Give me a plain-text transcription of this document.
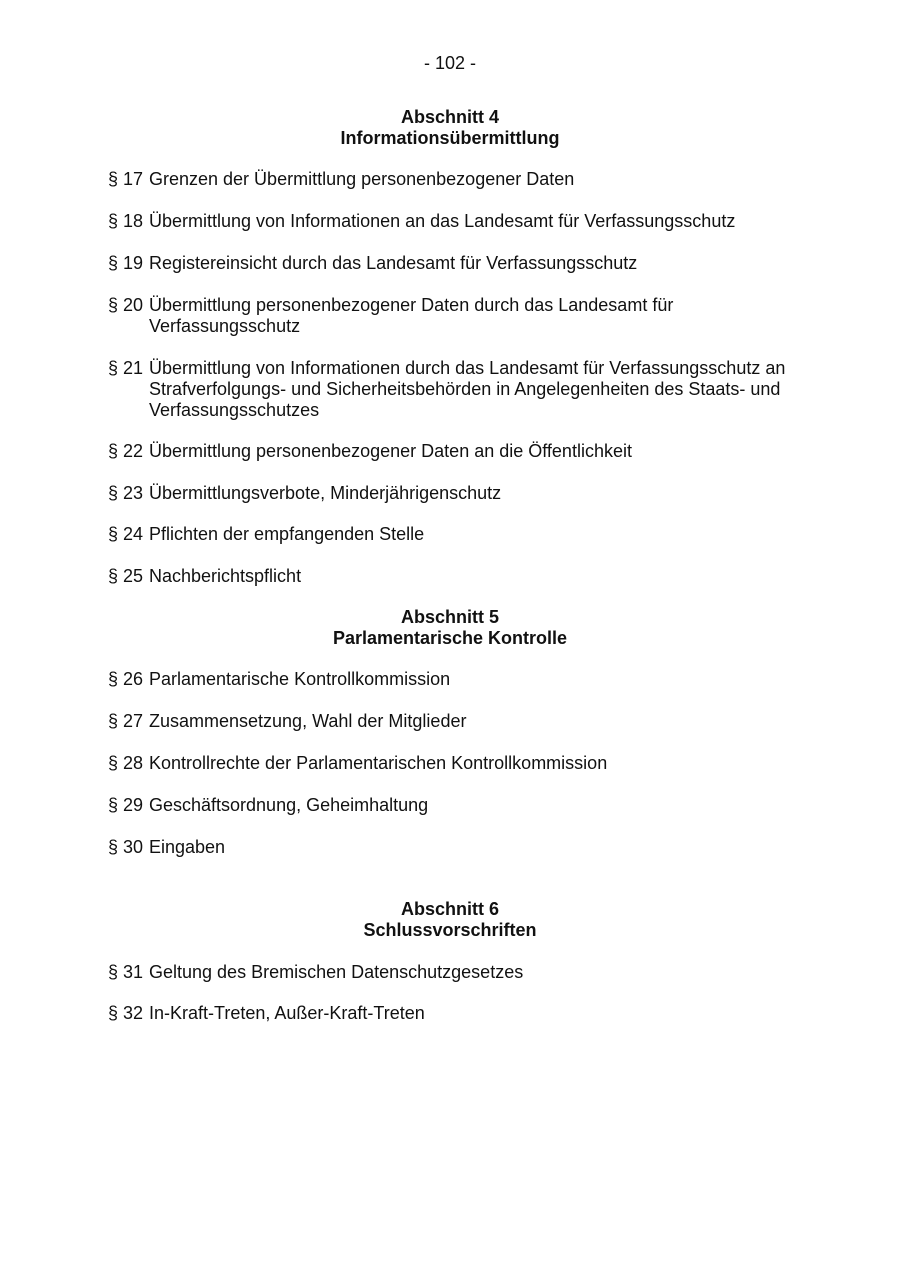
- 102 -
Abschnitt 4
Informationsübermittlung
§ 17 Grenzen der Übermittlung personenbezogener Daten
§ 18 Übermittlung von Informationen an das Landesamt für Verfassungsschutz
§ 19 Registereinsicht durch das Landesamt für Verfassungsschutz
§ 20 Übermittlung personenbezogener Daten durch das Landesamt für Verfassungsschutz
§ 21 Übermittlung von Informationen durch das Landesamt für Verfassungsschutz an Strafverfolgungs- und Sicherheitsbehörden in Angelegenheiten des Staats- und Verfassungsschutzes
§ 22 Übermittlung personenbezogener Daten an die Öffentlichkeit
§ 23 Übermittlungsverbote, Minderjährigenschutz
§ 24 Pflichten der empfangenden Stelle
§ 25 Nachberichtspflicht
Abschnitt 5
Parlamentarische Kontrolle
§ 26 Parlamentarische Kontrollkommission
§ 27 Zusammensetzung, Wahl der Mitglieder
§ 28 Kontrollrechte der Parlamentarischen Kontrollkommission
§ 29 Geschäftsordnung, Geheimhaltung
§ 30 Eingaben
Abschnitt 6
Schlussvorschriften
§ 31 Geltung des Bremischen Datenschutzgesetzes
§ 32 In-Kraft-Treten, Außer-Kraft-Treten
